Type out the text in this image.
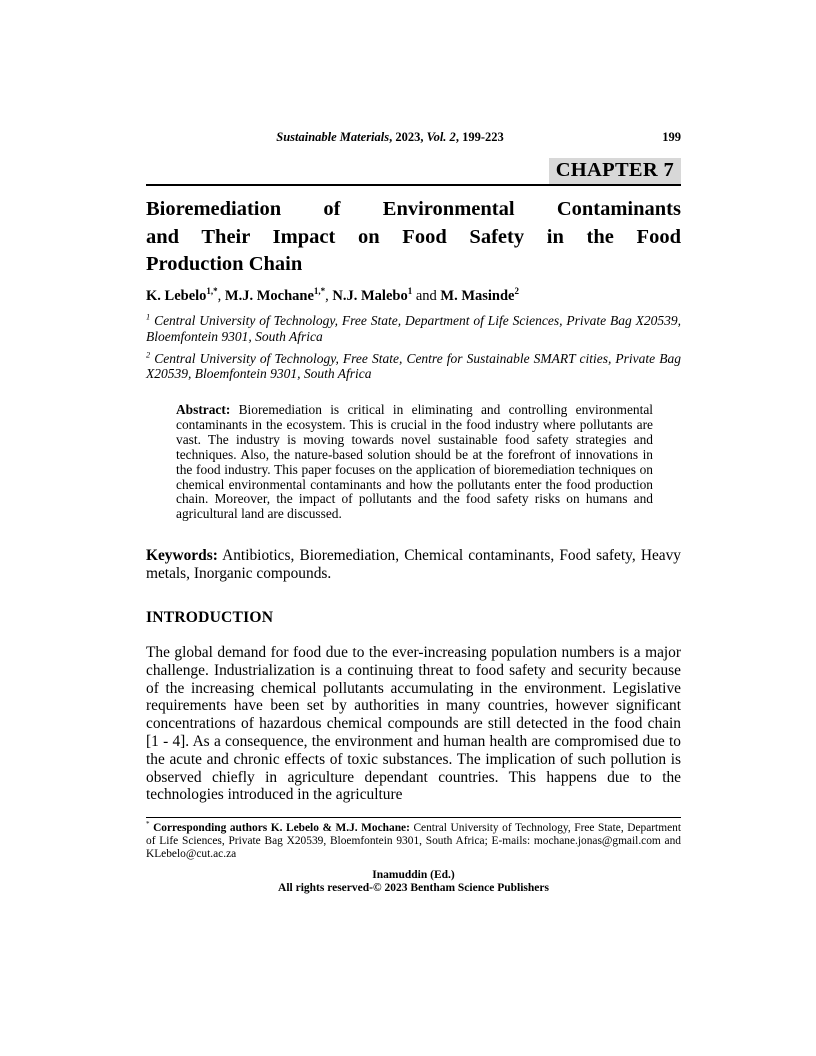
Sustainable Materials, 2023, Vol. 2, 199-223	199
CHAPTER 7
Bioremediation of Environmental Contaminants
and Their Impact on Food Safety in the Food
Production Chain
K. Lebelo$^{1,*}$, M.J. Mochane$^{1,*}$, N.J. Malebo$^1$ and M. Masinde$^2$
$^1$ Central University of Technology, Free State, Department of Life Sciences, Private Bag X20539, Bloemfontein 9301, South Africa
$^2$ Central University of Technology, Free State, Centre for Sustainable SMART cities, Private Bag X20539, Bloemfontein 9301, South Africa
Abstract: Bioremediation is critical in eliminating and controlling environmental contaminants in the ecosystem. This is crucial in the food industry where pollutants are vast. The industry is moving towards novel sustainable food safety strategies and techniques. Also, the nature-based solution should be at the forefront of innovations in the food industry. This paper focuses on the application of bioremediation techniques on chemical environmental contaminants and how the pollutants enter the food production chain. Moreover, the impact of pollutants and the food safety risks on humans and agricultural land are discussed.
Keywords: Antibiotics, Bioremediation, Chemical contaminants, Food safety, Heavy metals, Inorganic compounds.
INTRODUCTION
The global demand for food due to the ever-increasing population numbers is a major challenge. Industrialization is a continuing threat to food safety and security because of the increasing chemical pollutants accumulating in the environment. Legislative requirements have been set by authorities in many countries, however significant concentrations of hazardous chemical compounds are still detected in the food chain [1 - 4]. As a consequence, the environment and human health are compromised due to the acute and chronic effects of toxic substances. The implication of such pollution is observed chiefly in agriculture dependant countries. This happens due to the technologies introduced in the agriculture
* Corresponding authors K. Lebelo & M.J. Mochane: Central University of Technology, Free State, Department of Life Sciences, Private Bag X20539, Bloemfontein 9301, South Africa; E-mails: mochane.jonas@gmail.com and KLebelo@cut.ac.za
Inamuddin (Ed.)
All rights reserved-© 2023 Bentham Science Publishers
